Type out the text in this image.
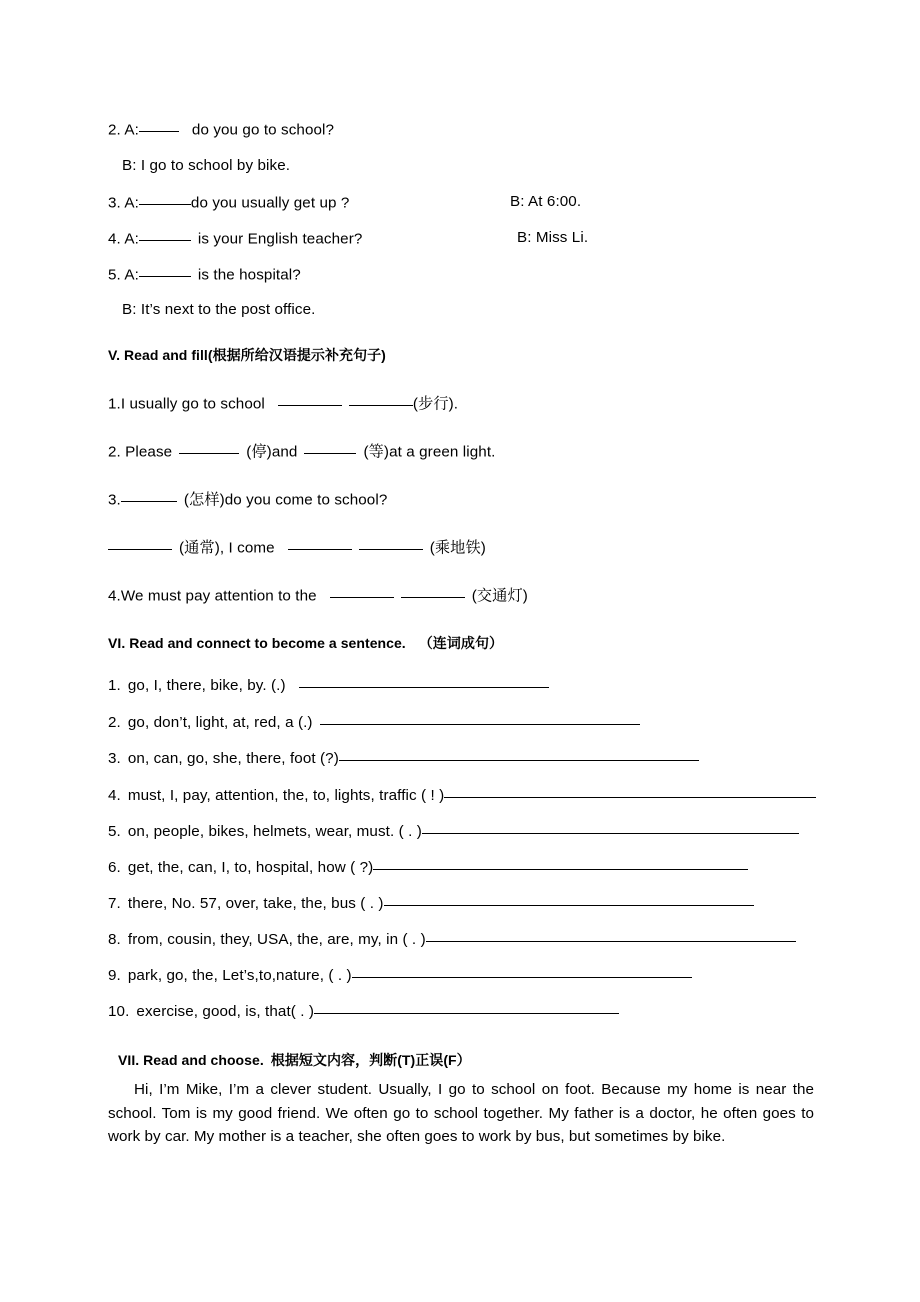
2. A:	do you go to school?
B: I go to school by bike.
3. A:	do you usually get up ?	B: At 6:00.
4. A:	is your English teacher?	B: Miss Li.
5. A:	is the hospital?
B: It’s next to the post office.
V. Read and fill(根据所给汉语提示补充句子)
1.I usually go to school	(步行).
2. Please	(停)and	(等)at a green light.
3.	(怎样)do you come to school?
(通常), I come	(乘地铁)
4.We must pay attention to the	(交通灯)
VI. Read and connect to become a sentence. （连词成句）
1. go, I, there, bike, by. (.)
2. go, don’t, light, at, red, a (.)
3. on, can, go, she, there, foot (?)
4. must, I, pay, attention, the, to, lights, traffic ( ! )
5. on, people, bikes, helmets, wear, must. ( . )
6. get, the, can, I, to, hospital, how ( ?)
7. there, No. 57, over, take, the, bus ( . )
8. from, cousin, they, USA, the, are, my, in ( . )
9. park, go, the, Let’s,to,nature, ( . )
10. exercise, good, is, that( . )
VII. Read and choose. 根据短文内容，判断(T)正误(F）
Hi, I’m Mike, I’m a clever student. Usually, I go to school on foot. Because my home is near the school. Tom is my good friend. We often go to school together. My father is a doctor, he often goes to work by car. My mother is a teacher, she often goes to work by bus, but sometimes by bike.
